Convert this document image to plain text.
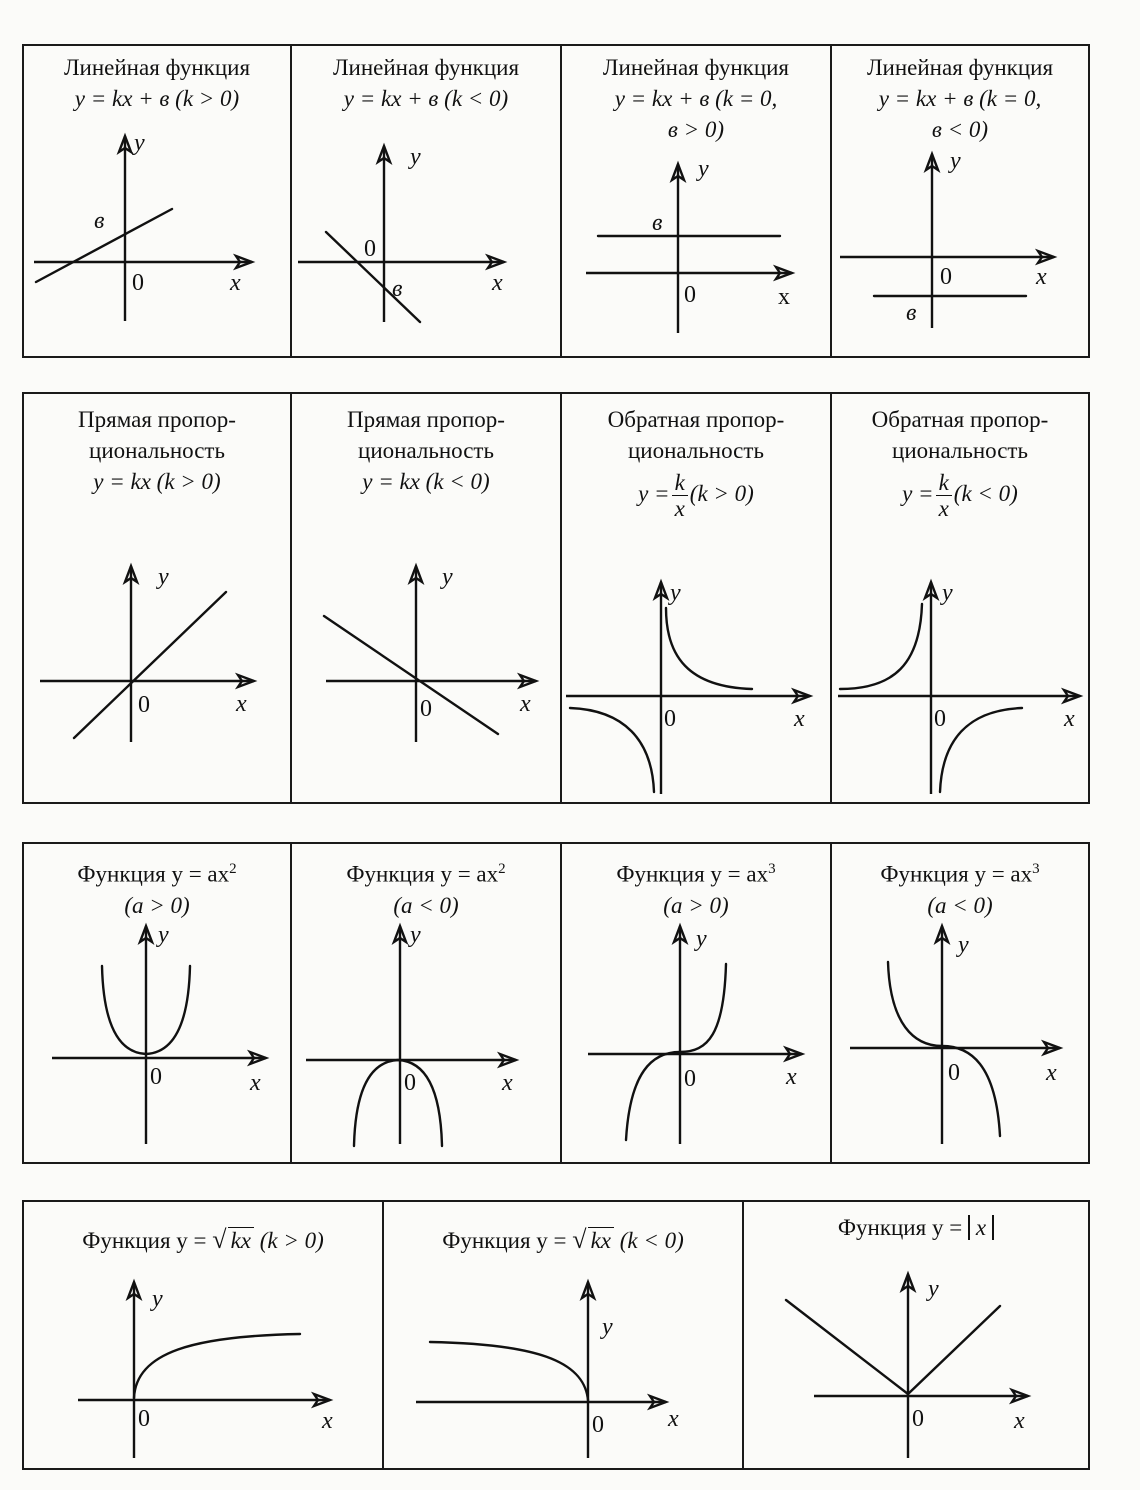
Линейная функция
y = kx + в (k > 0)
x
y
0
в
Линейная функция
y = kx + в (k < 0)
x
y
0
в
Линейная функция
y = kx + в (k = 0,
в > 0)
x
y
0
в
Линейная функция
y = kx + в (k = 0,
в < 0)
x
y
0
в
Прямая пропор-
циональность
y = kx (k > 0)
x
y
0
Прямая пропор-
циональность
y = kx (k < 0)
x
y
0
Обратная пропор-
циональность
$y = \frac{k}{x} (k > 0)$
x
y
0
Обратная пропор-
циональность
$y = \frac{k}{x} (k < 0)$
x
y
0
Функция $y = ax^2$
(a > 0)
x
y
0
Функция $y = ax^2$
(a < 0)
x
y
0
Функция $y = ax^3$
(a > 0)
x
y
0
Функция $y = ax^3$
(a < 0)
x
y
0
Функция y = √ kx (k > 0)
x
y
0
Функция y = √ kx (k < 0)
x
y
0
Функция y = x
x
y
0
